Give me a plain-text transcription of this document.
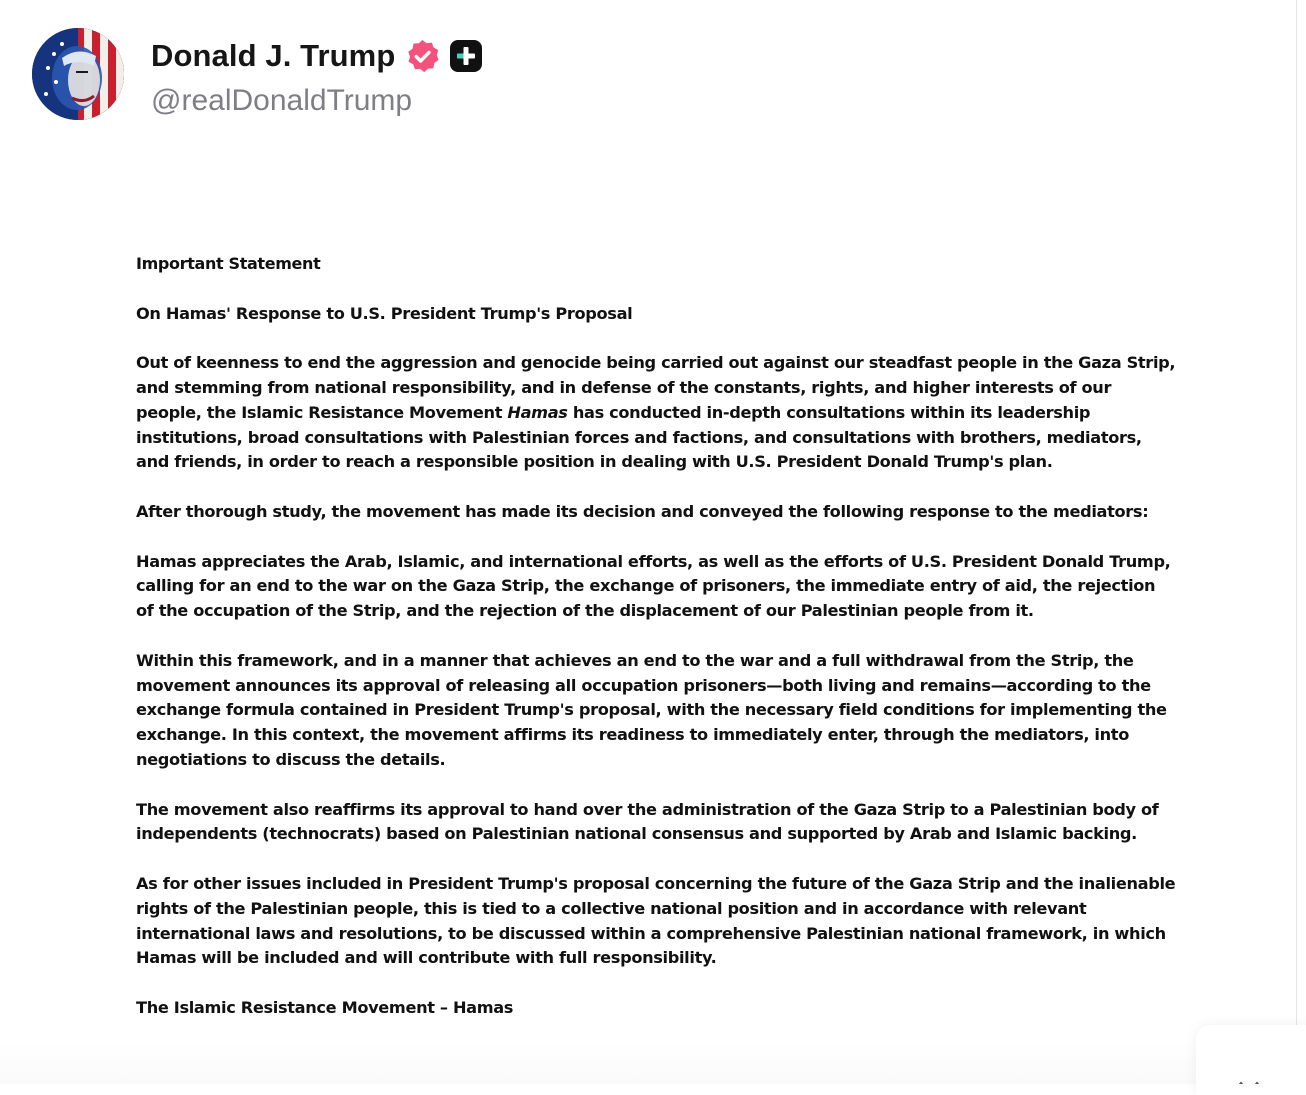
Donald J. Trump
@realDonaldTrump

Important Statement

On Hamas' Response to U.S. President Trump's Proposal

Out of keenness to end the aggression and genocide being carried out against our steadfast people in the Gaza Strip, and stemming from national responsibility, and in defense of the constants, rights, and higher interests of our people, the Islamic Resistance Movement Hamas has conducted in-depth consultations within its leadership institutions, broad consultations with Palestinian forces and factions, and consultations with brothers, mediators, and friends, in order to reach a responsible position in dealing with U.S. President Donald Trump's plan.

After thorough study, the movement has made its decision and conveyed the following response to the mediators:

Hamas appreciates the Arab, Islamic, and international efforts, as well as the efforts of U.S. President Donald Trump, calling for an end to the war on the Gaza Strip, the exchange of prisoners, the immediate entry of aid, the rejection of the occupation of the Strip, and the rejection of the displacement of our Palestinian people from it.

Within this framework, and in a manner that achieves an end to the war and a full withdrawal from the Strip, the movement announces its approval of releasing all occupation prisoners—both living and remains—according to the exchange formula contained in President Trump's proposal, with the necessary field conditions for implementing the exchange. In this context, the movement affirms its readiness to immediately enter, through the mediators, into negotiations to discuss the details.

The movement also reaffirms its approval to hand over the administration of the Gaza Strip to a Palestinian body of independents (technocrats) based on Palestinian national consensus and supported by Arab and Islamic backing.

As for other issues included in President Trump's proposal concerning the future of the Gaza Strip and the inalienable rights of the Palestinian people, this is tied to a collective national position and in accordance with relevant international laws and resolutions, to be discussed within a comprehensive Palestinian national framework, in which Hamas will be included and will contribute with full responsibility.

The Islamic Resistance Movement – Hamas
